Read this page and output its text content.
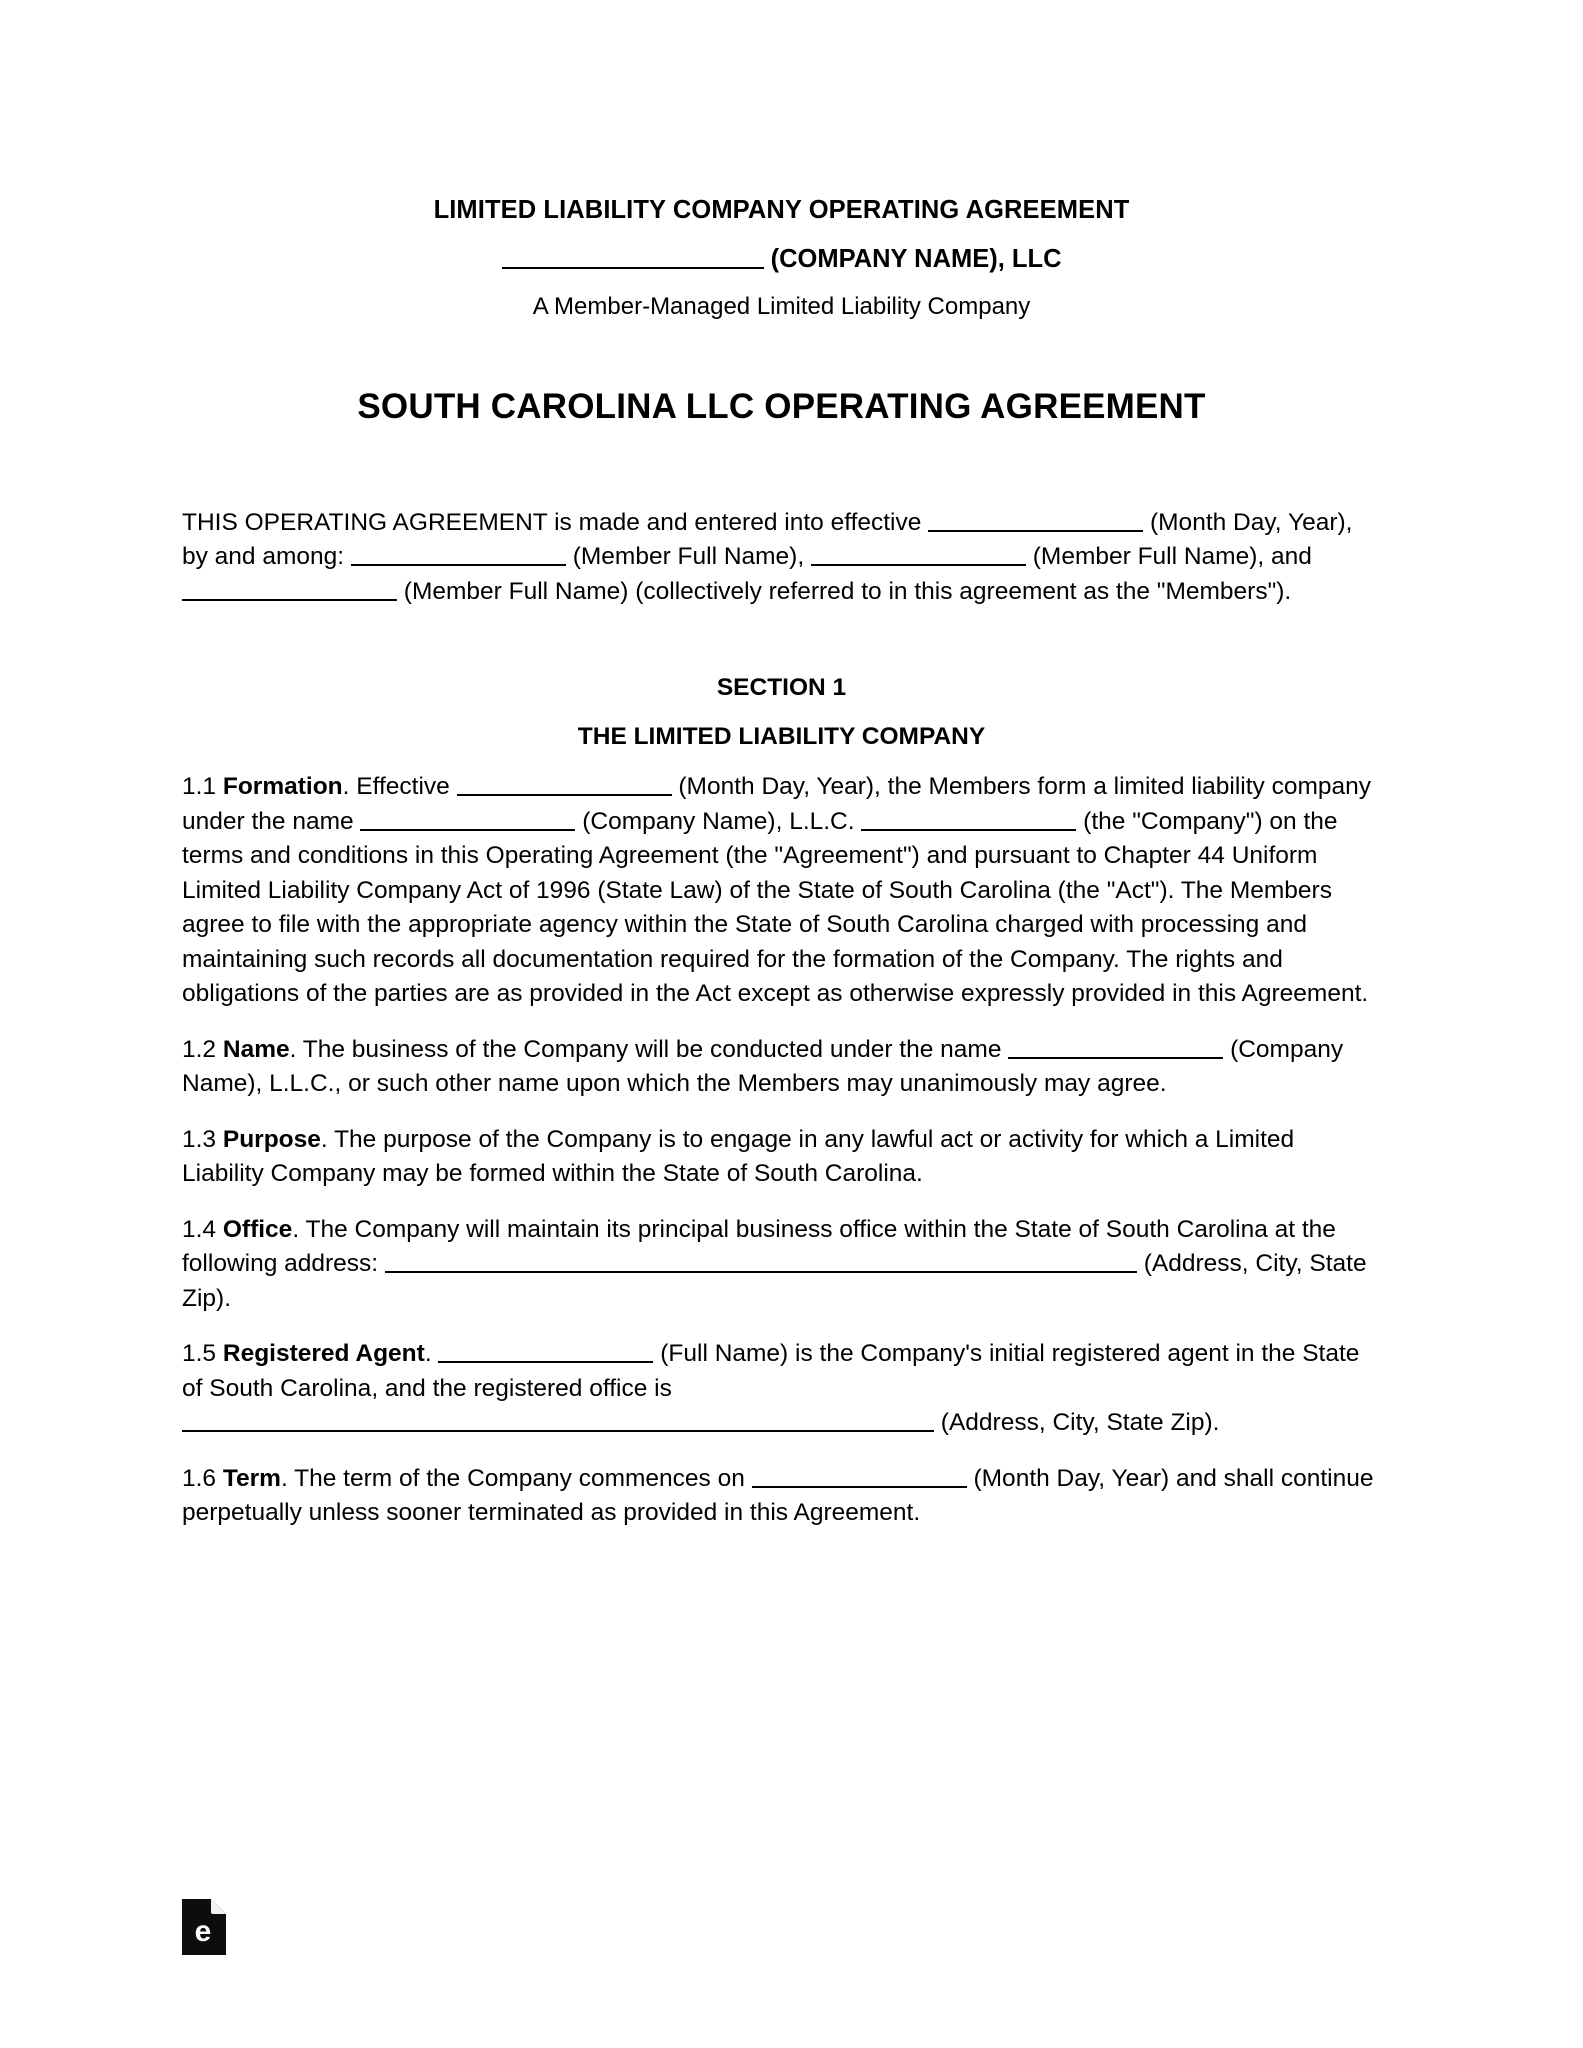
LIMITED LIABILITY COMPANY OPERATING AGREEMENT
(COMPANY NAME), LLC

A Member-Managed Limited Liability Company

SOUTH CAROLINA LLC OPERATING AGREEMENT

THIS OPERATING AGREEMENT is made and entered into effective	(Month Day, Year), by and among:	(Member Full Name),	(Member Full Name), and  (Member Full Name) (collectively referred to in this agreement as the "Members").

SECTION 1

THE LIMITED LIABILITY COMPANY

1.1 Formation. Effective	(Month Day, Year), the Members form a limited liability company under the name	(Company Name), L.L.C.	(the "Company") on the terms and conditions in this Operating Agreement (the "Agreement") and pursuant to Chapter 44 Uniform Limited Liability Company Act of 1996 (State Law) of the State of South Carolina (the "Act"). The Members agree to file with the appropriate agency within the State of South Carolina charged with processing and maintaining such records all documentation required for the formation of the Company. The rights and obligations of the parties are as provided in the Act except as otherwise expressly provided in this Agreement.

1.2 Name. The business of the Company will be conducted under the name	(Company Name), L.L.C., or such other name upon which the Members may unanimously may agree.

1.3 Purpose. The purpose of the Company is to engage in any lawful act or activity for which a Limited Liability Company may be formed within the State of South Carolina.

1.4 Office. The Company will maintain its principal business office within the State of South Carolina at the following address:	(Address, City, State Zip).

1.5 Registered Agent.	(Full Name) is the Company's initial registered agent in the State of South Carolina, and the registered office is  (Address, City, State Zip).

1.6 Term. The term of the Company commences on	(Month Day, Year) and shall continue perpetually unless sooner terminated as provided in this Agreement.

e
